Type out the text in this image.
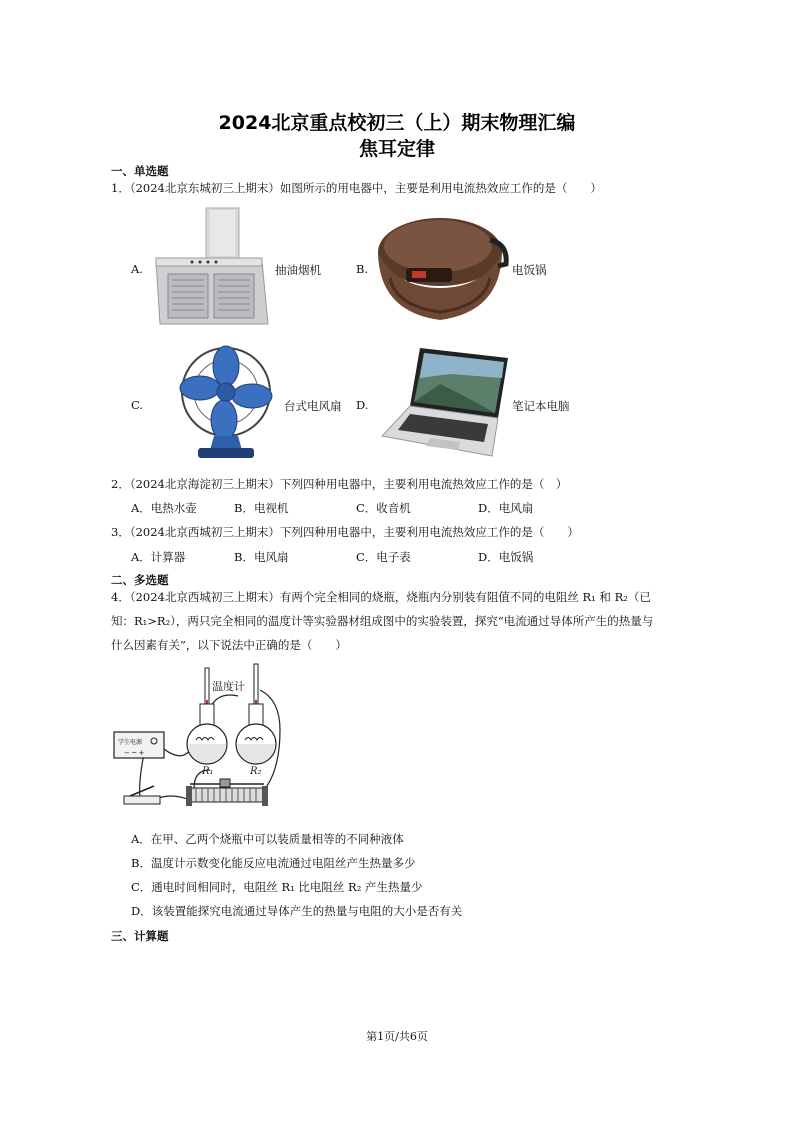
2024北京重点校初三（上）期末物理汇编
焦耳定律
一、单选题
1．（2024北京东城初三上期末）如图所示的用电器中，主要是利用电流热效应工作的是（　　）
A.	抽油烟机	B.	电饭锅
C.	台式电风扇 D.	笔记本电脑
2．（2024北京海淀初三上期末）下列四种用电器中，主要利用电流热效应工作的是（　）
A．电热水壶	B．电视机	C．收音机	D．电风扇
3．（2024北京西城初三上期末）下列四种用电器中，主要利用电流热效应工作的是（　　）
A．计算器	B．电风扇	C．电子表	D．电饭锅
二、多选题
4．（2024北京西城初三上期末）有两个完全相同的烧瓶，烧瓶内分别装有阻值不同的电阻丝 R₁ 和 R₂（已
知：R₁>R₂），两只完全相同的温度计等实验器材组成图中的实验装置，探究“电流通过导体所产生的热量与
什么因素有关”，以下说法中正确的是（　　）
学生电源
− ─ +
温度计
R₁	R₂
A．在甲、乙两个烧瓶中可以装质量相等的不同种液体
B．温度计示数变化能反应电流通过电阻丝产生热量多少
C．通电时间相同时，电阻丝 R₁ 比电阻丝 R₂ 产生热量少
D．该装置能探究电流通过导体产生的热量与电阻的大小是否有关
三、计算题
第1页/共6页
